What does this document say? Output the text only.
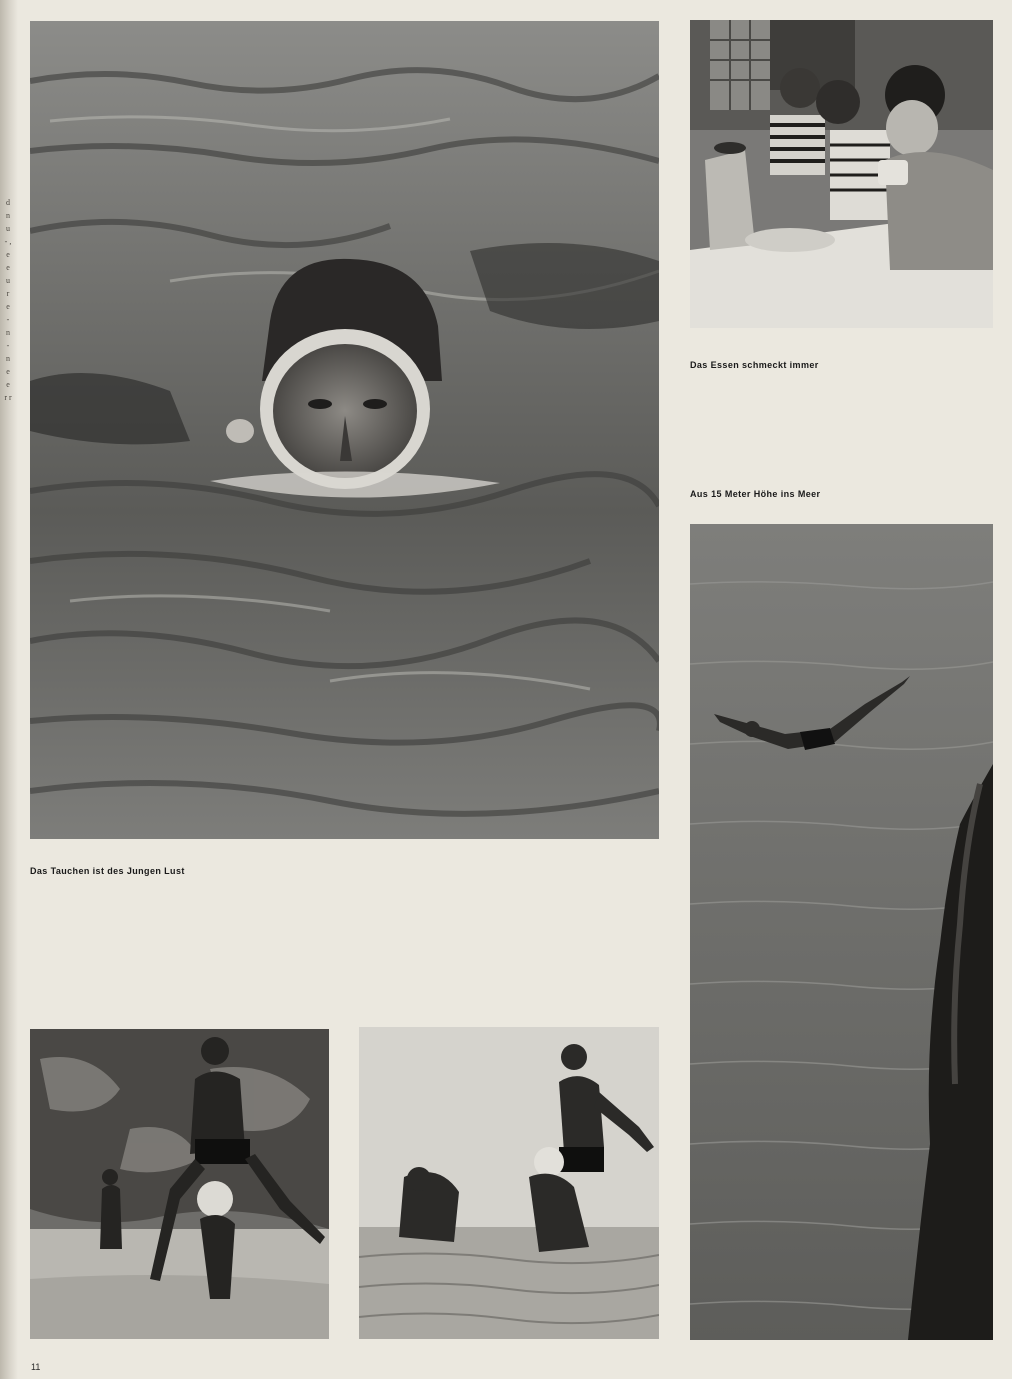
d n u - , e e u r e - n - n e e r r
Das Tauchen ist des Jungen Lust
Das Essen schmeckt immer
Aus 15 Meter Höhe ins Meer
11
